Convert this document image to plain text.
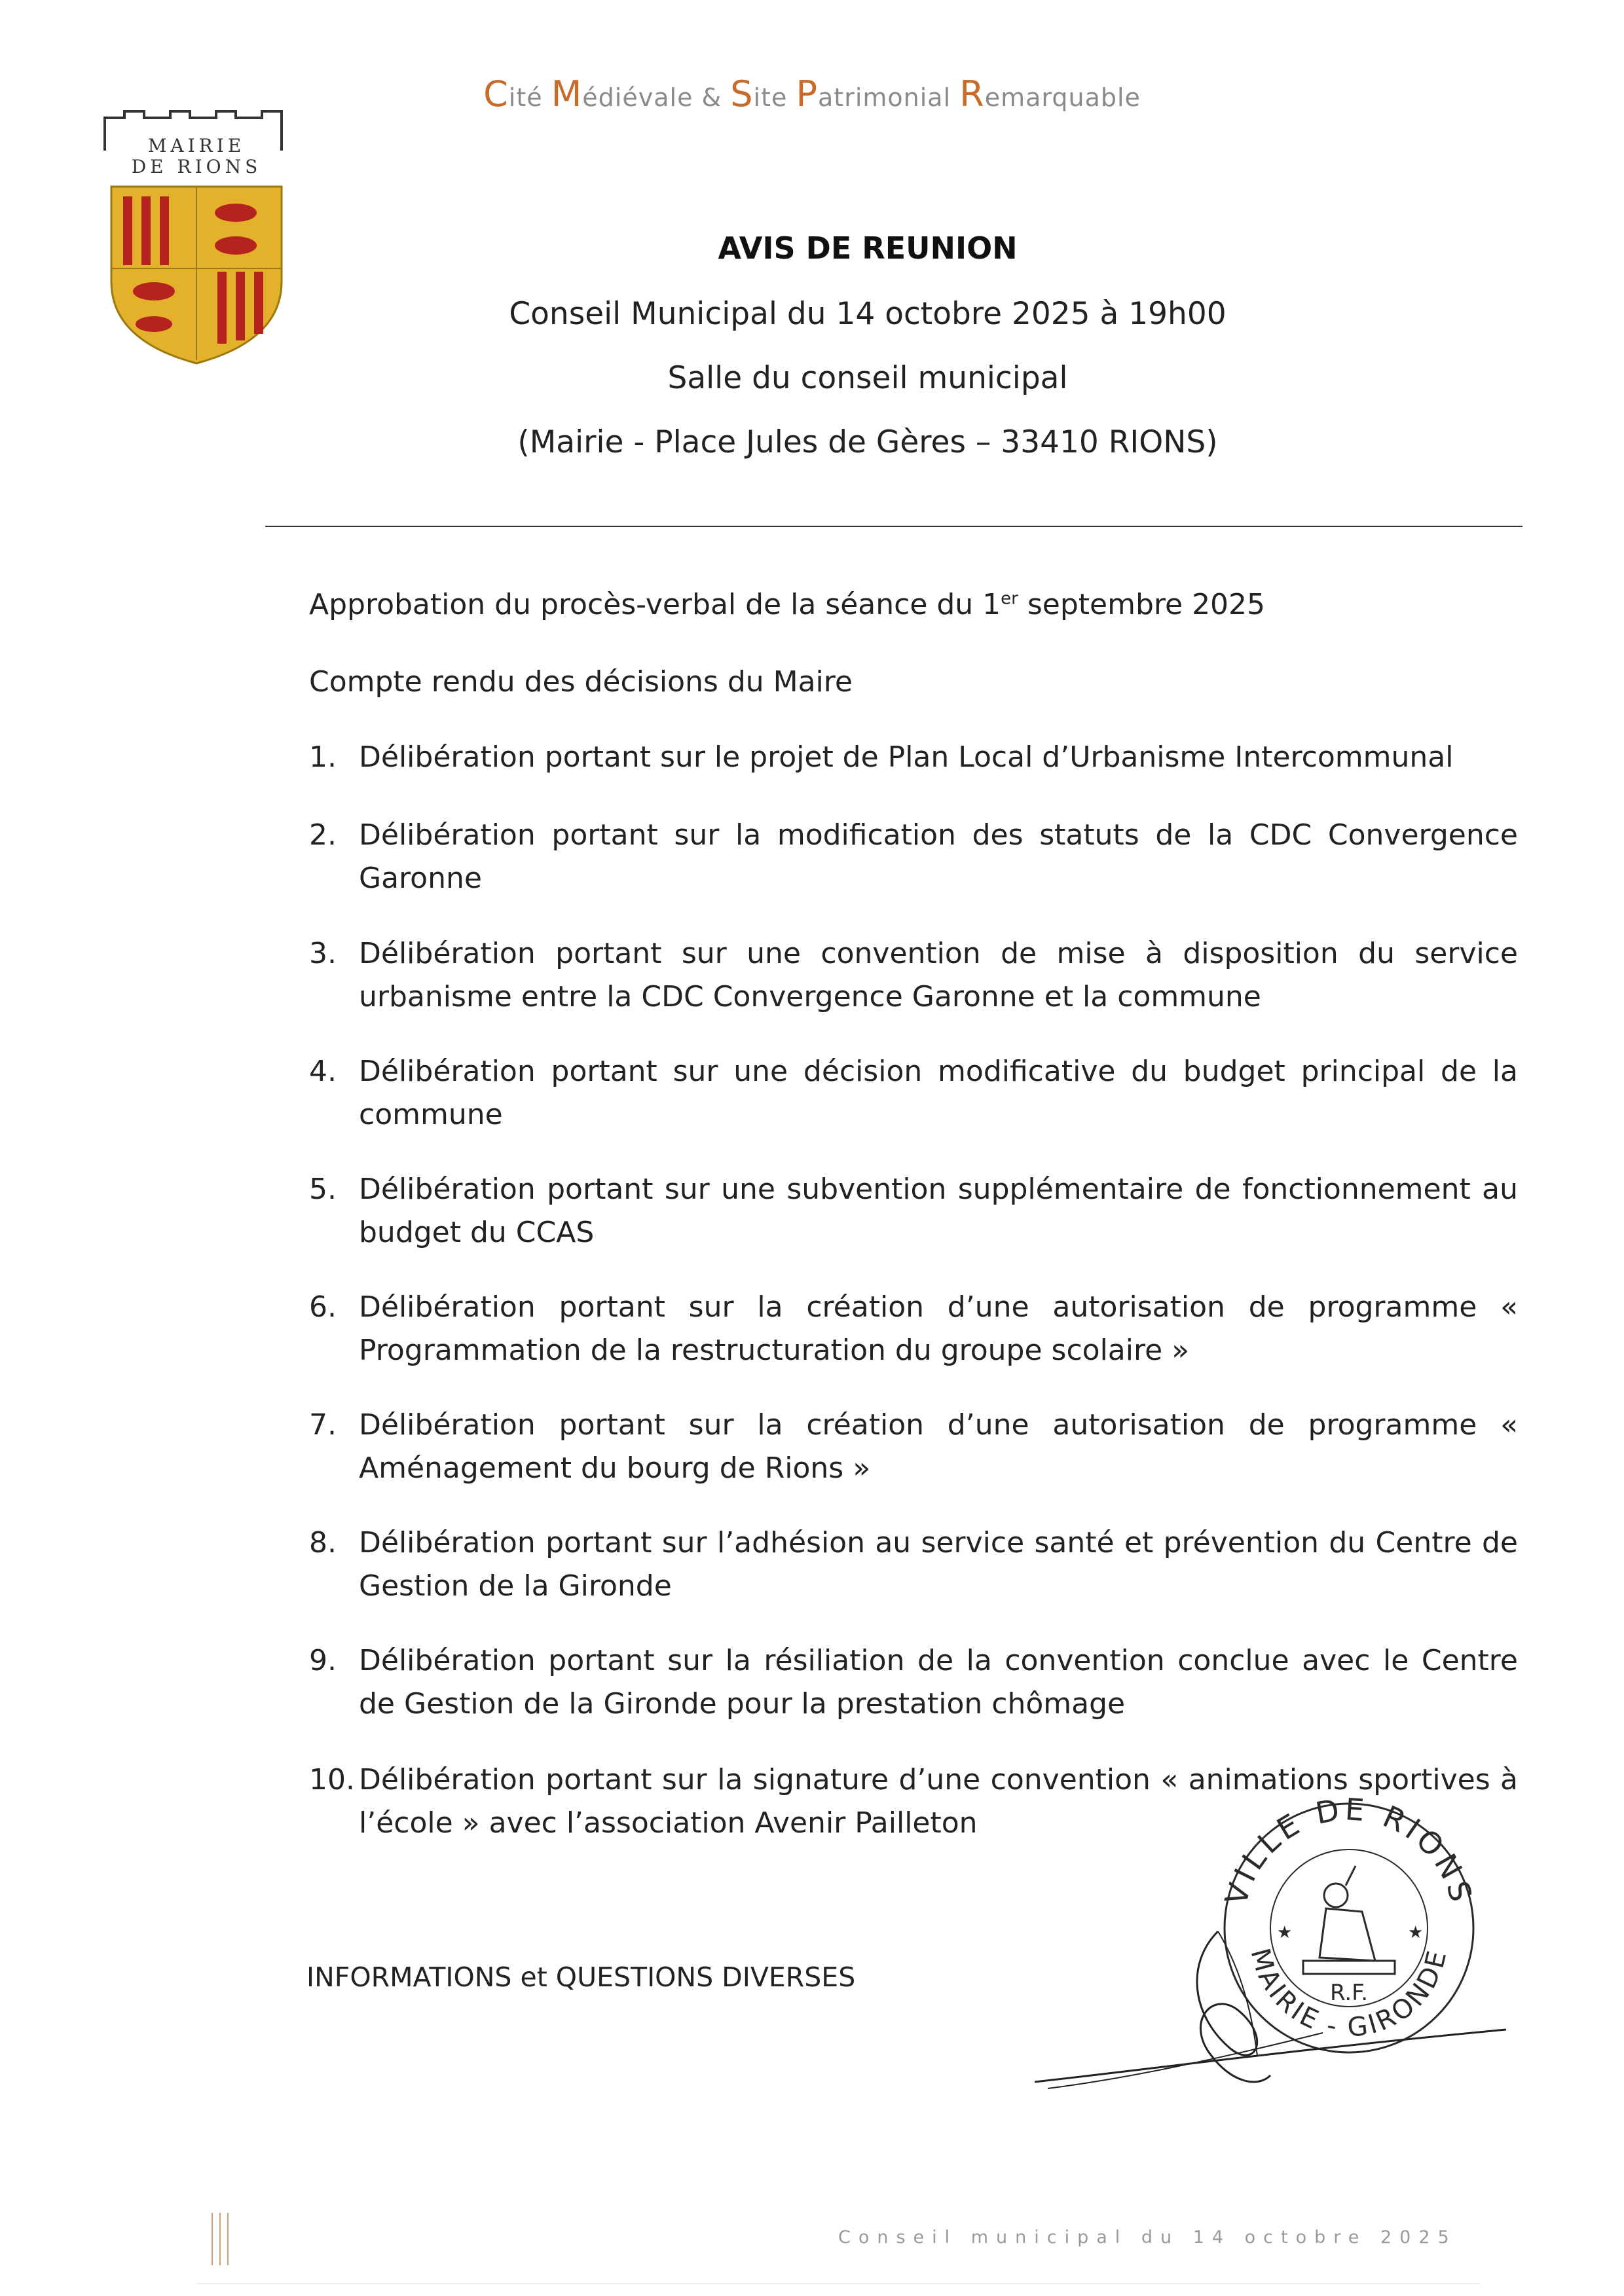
MAIRIE
DE RIONS
Cité Médiévale & Site Patrimonial Remarquable
AVIS DE REUNION
Conseil Municipal du 14 octobre 2025 à 19h00
Salle du conseil municipal
(Mairie - Place Jules de Gères – 33410 RIONS)
Approbation du procès-verbal de la séance du 1er septembre 2025
Compte rendu des décisions du Maire
1. Délibération portant sur le projet de Plan Local d’Urbanisme Intercommunal
2. Délibération portant sur la modification des statuts de la CDC Convergence Garonne
3. Délibération portant sur une convention de mise à disposition du service urbanisme entre la CDC Convergence Garonne et la commune
4. Délibération portant sur une décision modificative du budget principal de la commune
5. Délibération portant sur une subvention supplémentaire de fonctionnement au budget du CCAS
6. Délibération portant sur la création d’une autorisation de programme « Programmation de la restructuration du groupe scolaire »
7. Délibération portant sur la création d’une autorisation de programme « Aménagement du bourg de Rions »
8. Délibération portant sur l’adhésion au service santé et prévention du Centre de Gestion de la Gironde
9. Délibération portant sur la résiliation de la convention conclue avec le Centre de Gestion de la Gironde pour la prestation chômage
10. Délibération portant sur la signature d’une convention « animations sportives à l’école » avec l’association Avenir Pailleton
INFORMATIONS et QUESTIONS DIVERSES
VILLE DE RIONS
MAIRIE - GIRONDE
★	★
R.F.
Conseil municipal du 14 octobre 2025
